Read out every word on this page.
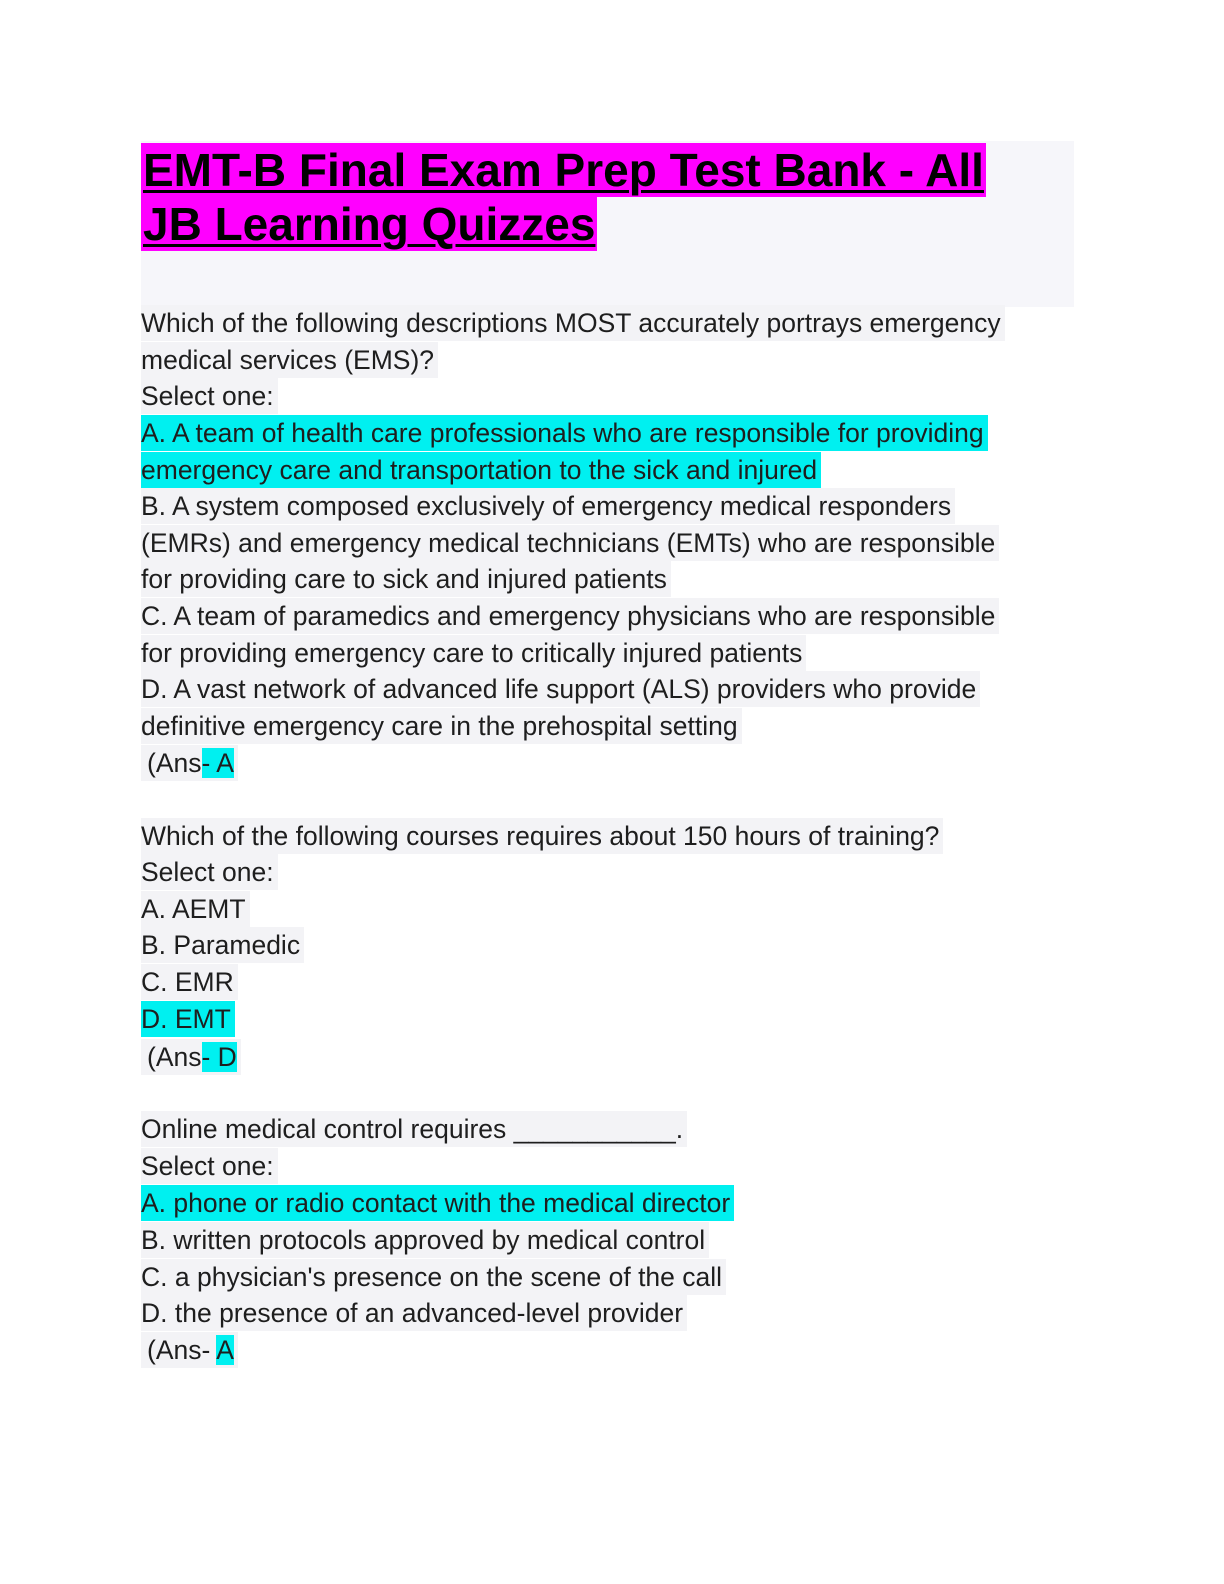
EMT-B Final Exam Prep Test Bank - All
JB Learning Quizzes
Which of the following descriptions MOST accurately portrays emergency
medical services (EMS)?
Select one:
A. A team of health care professionals who are responsible for providing
emergency care and transportation to the sick and injured
B. A system composed exclusively of emergency medical responders
(EMRs) and emergency medical technicians (EMTs) who are responsible
for providing care to sick and injured patients
C. A team of paramedics and emergency physicians who are responsible
for providing emergency care to critically injured patients
D. A vast network of advanced life support (ALS) providers who provide
definitive emergency care in the prehospital setting
(Ans- A
Which of the following courses requires about 150 hours of training?
Select one:
A. AEMT
B. Paramedic
C. EMR
D. EMT
(Ans- D
Online medical control requires ___________.
Select one:
A. phone or radio contact with the medical director
B. written protocols approved by medical control
C. a physician's presence on the scene of the call
D. the presence of an advanced-level provider
(Ans- A
